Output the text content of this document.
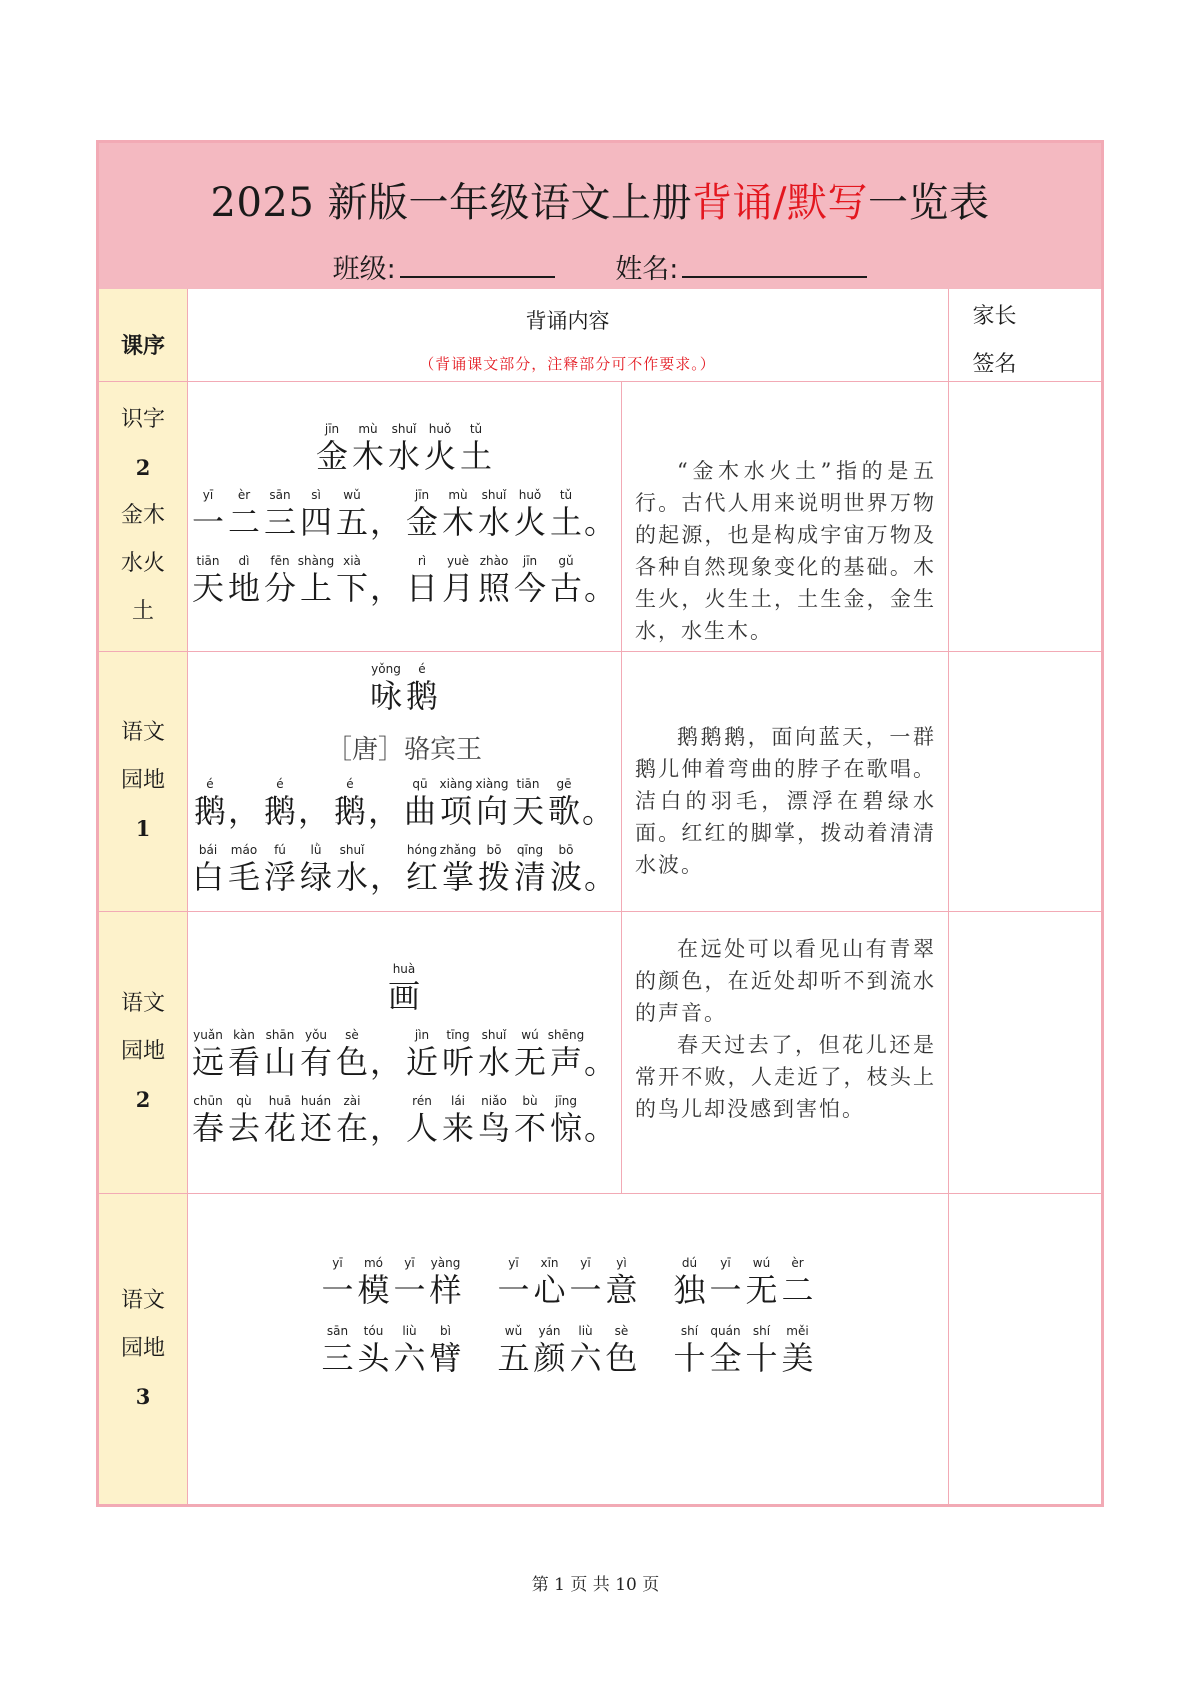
2025 新版一年级语文上册背诵/默写一览表
班级:	姓名:
课序
背诵内容
（背诵课文部分，注释部分可不作要求。）
家长
签名
识字
2
金木
水火
土
jīn
金
mù
木
shuǐ
水
huǒ
火
tǔ
土
yī
一
èr
二
sān
三
sì
四
wǔ
五 ，
jīn
金
mù
木
shuǐ
水
huǒ
火
tǔ
土 。
tiān
天
dì
地
fēn
分
shàng
上
xià
下 ，
rì
日
yuè
月
zhào
照
jīn
今
gǔ
古 。

“金木水火土”指的是五行。古代人用来说明世界万物的起源，也是构成宇宙万物及各种自然现象变化的基础。木生火，火生土，土生金，金生水，水生木。

语文
园地
1
yǒng
咏
é
鹅
［唐］骆宾王
é
鹅 ，
é
鹅 ，
é
鹅 ，
qū
曲
xiàng
项
xiàng
向
tiān
天
gē
歌 。
bái
白
máo
毛
fú
浮
lǜ
绿
shuǐ
水 ，
hóng
红
zhǎng
掌
bō
拨
qīng
清
bō
波 。

鹅鹅鹅，面向蓝天，一群鹅儿伸着弯曲的脖子在歌唱。洁白的羽毛，漂浮在碧绿水面。红红的脚掌，拨动着清清水波。

语文
园地
2
huà
画
yuǎn
远
kàn
看
shān
山
yǒu
有
sè
色 ，
jìn
近
tīng
听
shuǐ
水
wú
无
shēng
声 。
chūn
春
qù
去
huā
花
huán
还
zài
在 ，
rén
人
lái
来
niǎo
鸟
bù
不
jīng
惊 。

在远处可以看见山有青翠的颜色，在近处却听不到流水的声音。

春天过去了，但花儿还是常开不败，人走近了，枝头上的鸟儿却没感到害怕。

语文
园地
3
yī
一
mó
模
yī
一
yàng
样
yī
一
xīn
心
yī
一
yì
意
dú
独
yī
一
wú
无
èr
二
sān
三
tóu
头
liù
六
bì
臂
wǔ
五
yán
颜
liù
六
sè
色
shí
十
quán
全
shí
十
měi
美
第 1 页 共 10 页
